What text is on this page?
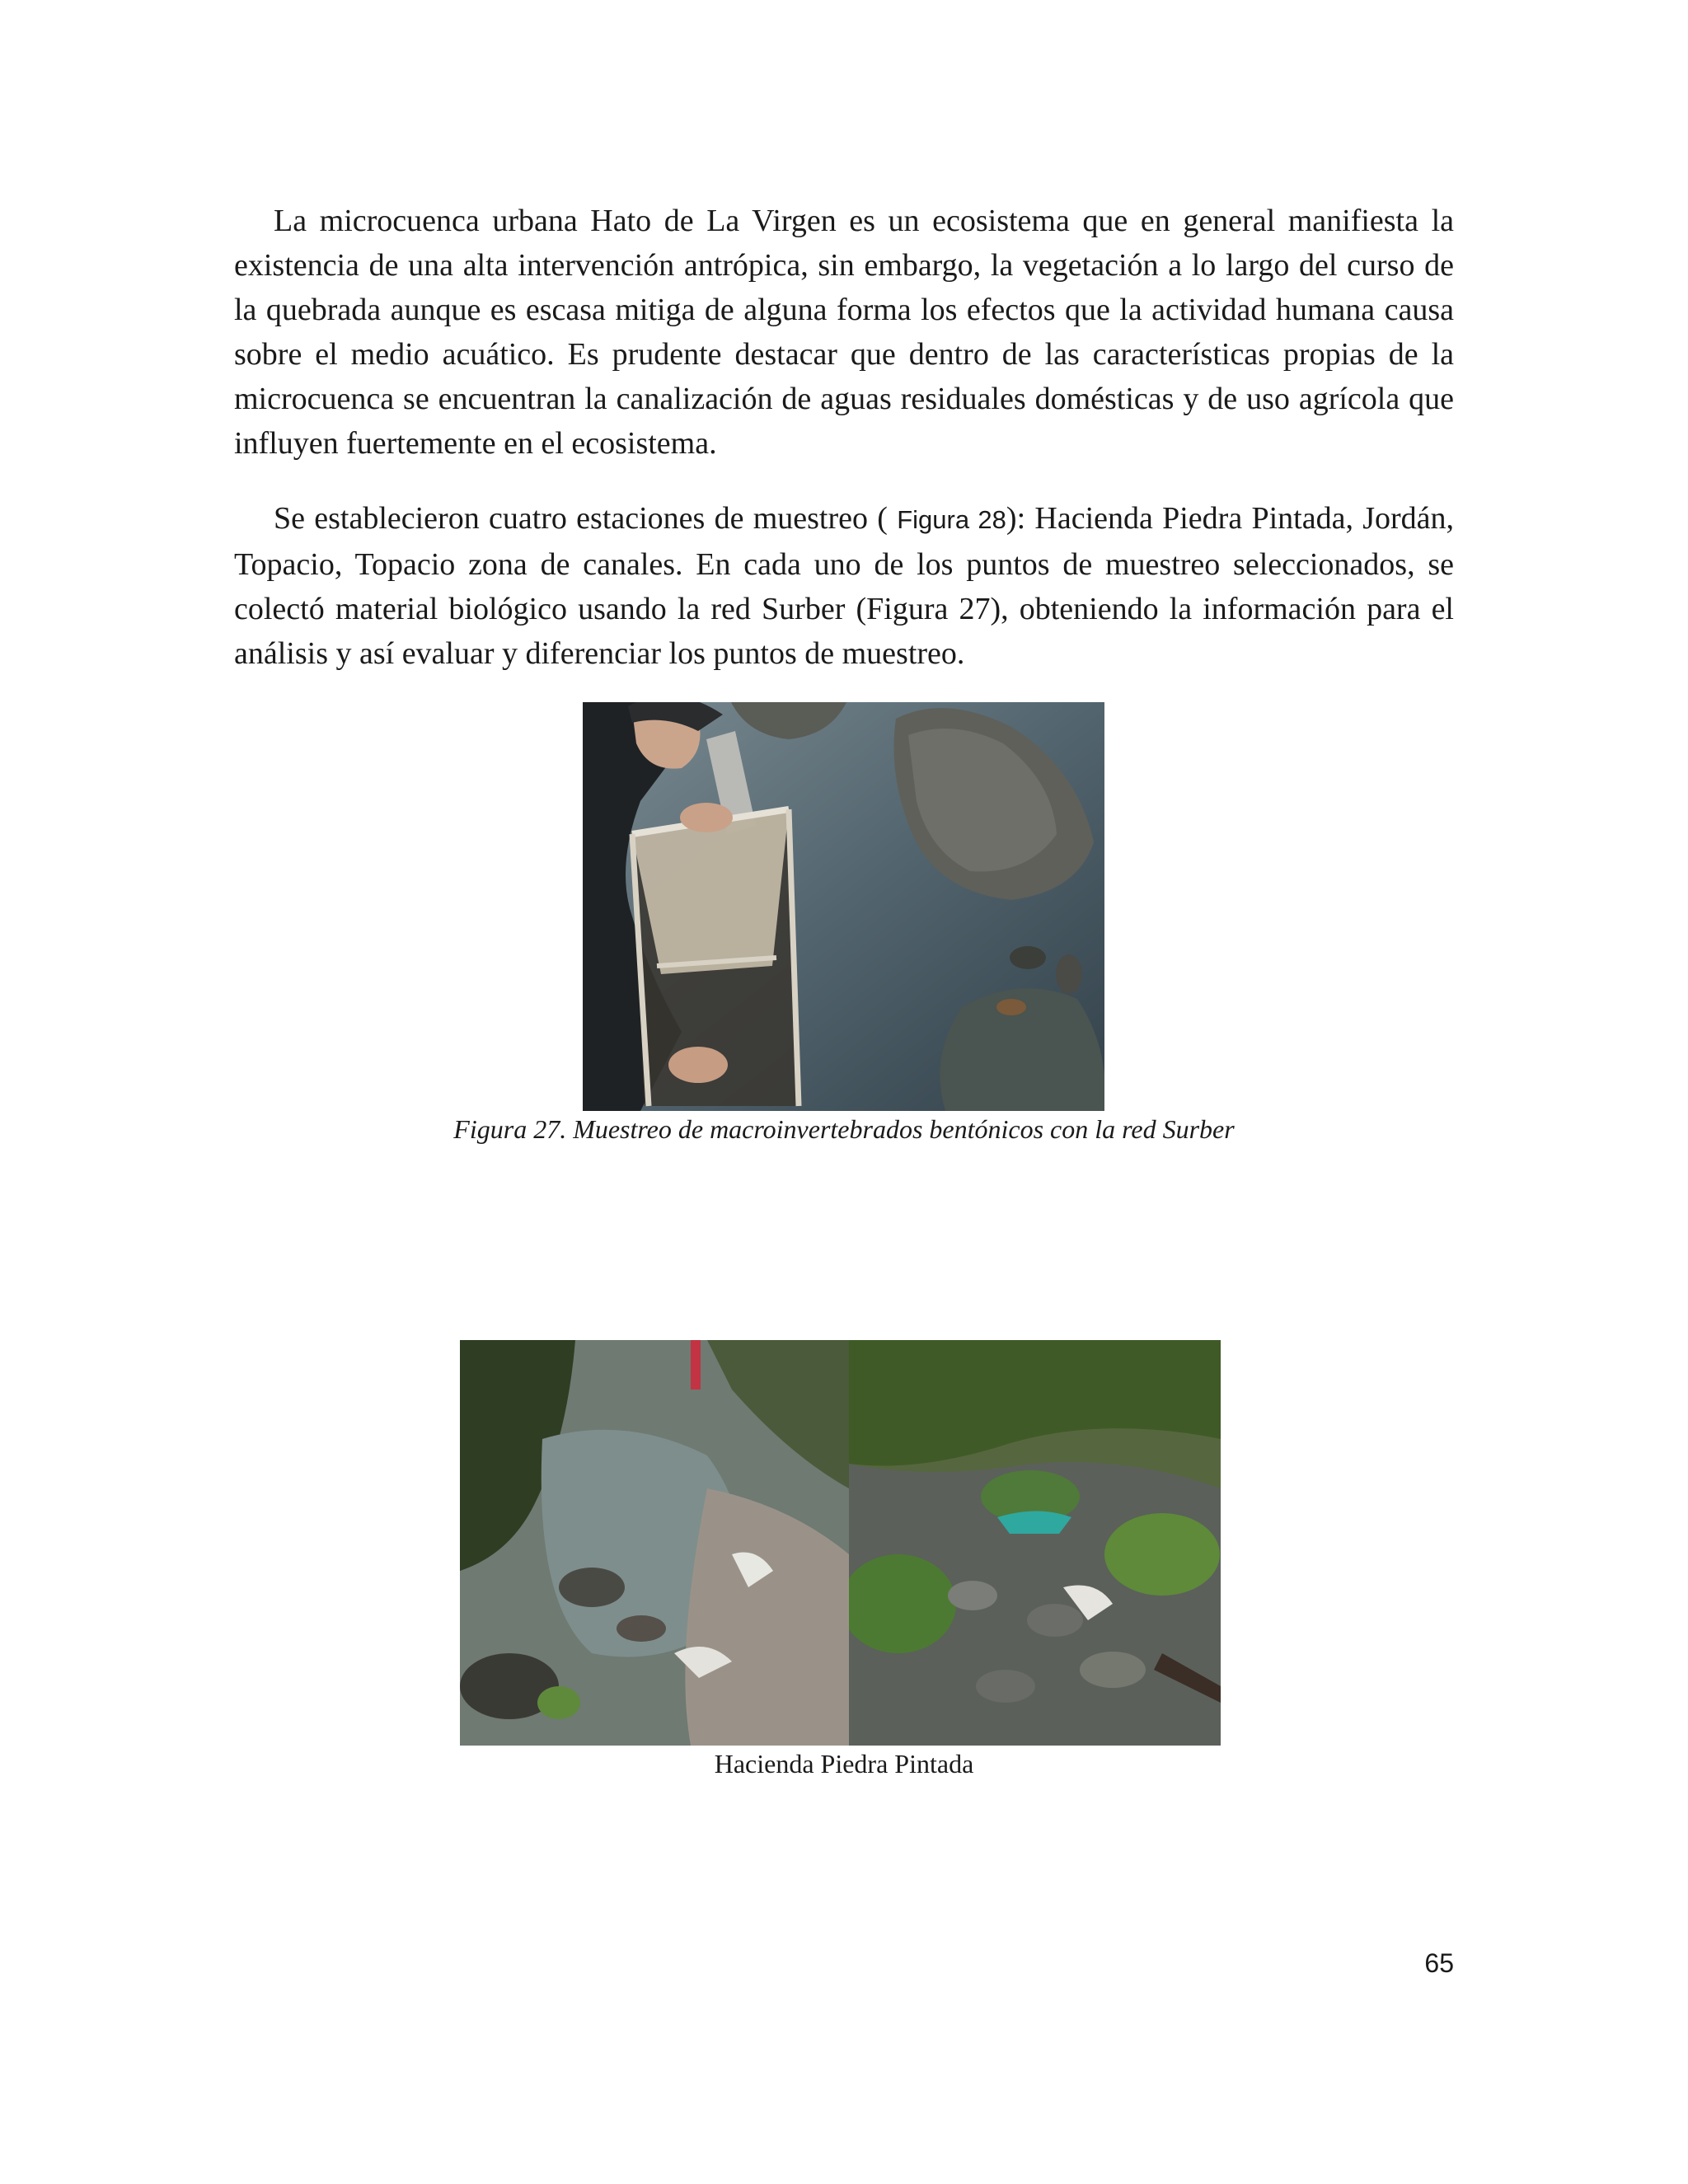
La microcuenca urbana Hato de La Virgen es un ecosistema que en general manifiesta la existencia de una alta intervención antrópica, sin embargo, la vegetación a lo largo del curso de la quebrada aunque es escasa mitiga de alguna forma los efectos que la actividad humana causa sobre el medio acuático. Es prudente destacar que dentro de las características propias de la microcuenca se encuentran la canalización de aguas residuales domésticas y de uso agrícola que influyen fuertemente en el ecosistema.

Se establecieron cuatro estaciones de muestreo ( Figura 28): Hacienda Piedra Pintada, Jordán, Topacio, Topacio zona de canales. En cada uno de los puntos de muestreo seleccionados, se colectó material biológico usando la red Surber (Figura 27), obteniendo la información para el análisis y así evaluar y diferenciar los puntos de muestreo.

Figura 27. Muestreo de macroinvertebrados bentónicos con la red Surber
Hacienda Piedra Pintada
65
